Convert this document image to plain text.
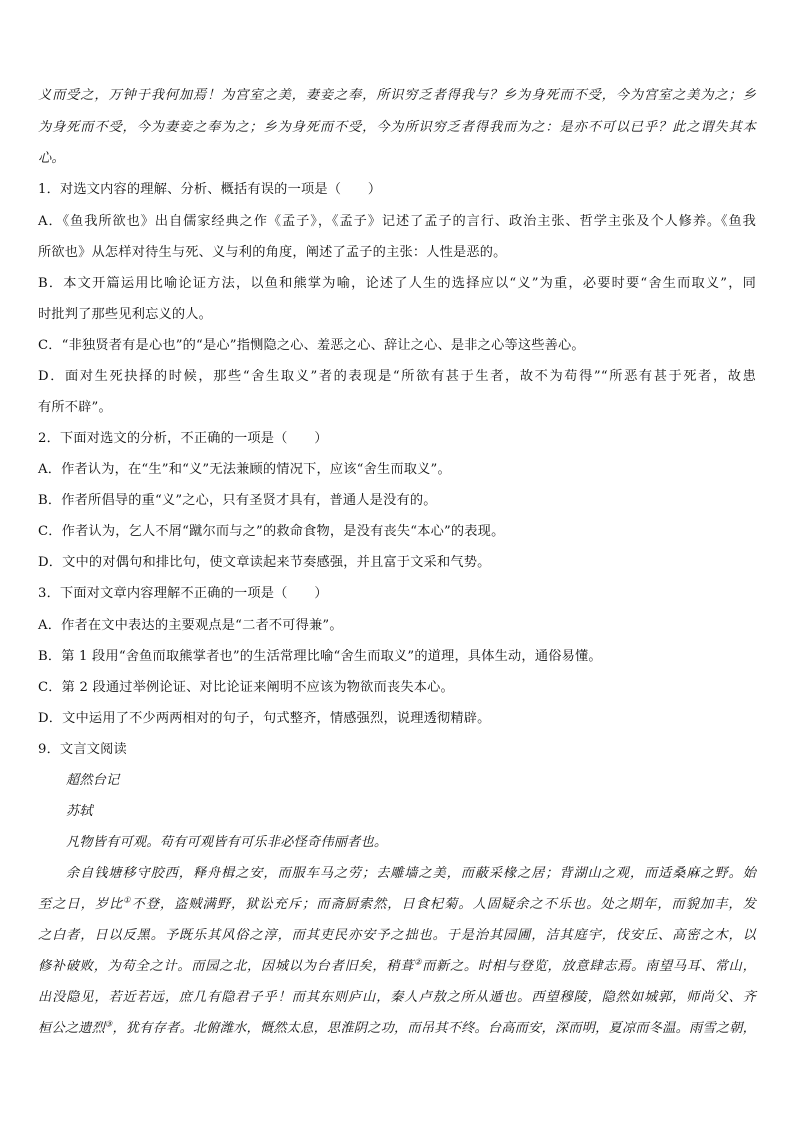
义而受之，万钟于我何加焉！为宫室之美，妻妾之奉，所识穷乏者得我与？乡为身死而不受，今为宫室之美为之；乡
为身死而不受，今为妻妾之奉为之；乡为身死而不受，今为所识穷乏者得我而为之：是亦不可以已乎？此之谓失其本
心。
1．对选文内容的理解、分析、概括有误的一项是（　　）
A．《鱼我所欲也》出自儒家经典之作《孟子》，《孟子》记述了孟子的言行、政治主张、哲学主张及个人修养。《鱼我
所欲也》从怎样对待生与死、义与利的角度，阐述了孟子的主张：人性是恶的。
B．本文开篇运用比喻论证方法，以鱼和熊掌为喻，论述了人生的选择应以“义”为重，必要时要“舍生而取义”，同
时批判了那些见利忘义的人。
C．“非独贤者有是心也”的“是心”指恻隐之心、羞恶之心、辞让之心、是非之心等这些善心。
D．面对生死抉择的时候，那些“舍生取义”者的表现是“所欲有甚于生者，故不为苟得”“所恶有甚于死者，故患
有所不辟”。
2．下面对选文的分析，不正确的一项是（　　）
A．作者认为，在“生”和“义”无法兼顾的情况下，应该“舍生而取义”。
B．作者所倡导的重“义”之心，只有圣贤才具有，普通人是没有的。
C．作者认为，乞人不屑“蹴尔而与之”的救命食物，是没有丧失“本心”的表现。
D．文中的对偶句和排比句，使文章读起来节奏感强，并且富于文采和气势。
3．下面对文章内容理解不正确的一项是（　　）
A．作者在文中表达的主要观点是“二者不可得兼”。
B．第 1 段用“舍鱼而取熊掌者也”的生活常理比喻“舍生而取义”的道理，具体生动，通俗易懂。
C．第 2 段通过举例论证、对比论证来阐明不应该为物欲而丧失本心。
D．文中运用了不少两两相对的句子，句式整齐，情感强烈，说理透彻精辟。
9．文言文阅读
超然台记
苏轼
凡物皆有可观。苟有可观皆有可乐非必怪奇伟丽者也。
余自钱塘移守胶西，释舟楫之安，而服车马之劳；去雕墙之美，而蔽采椽之居；背湖山之观，而适桑麻之野。始
至之日，岁比①不登，盗贼满野，狱讼充斥；而斋厨索然，日食杞菊。人固疑余之不乐也。处之期年，而貌加丰，发
之白者，日以反黑。予既乐其风俗之淳，而其吏民亦安予之拙也。于是治其园圃，洁其庭宇，伐安丘、高密之木，以
修补破败，为苟全之计。而园之北，因城以为台者旧矣，稍葺②而新之。时相与登览，放意肆志焉。南望马耳、常山，
出没隐见，若近若远，庶几有隐君子乎！而其东则庐山，秦人卢敖之所从遁也。西望穆陵，隐然如城郭，师尚父、齐
桓公之遗烈③，犹有存者。北俯潍水，慨然太息，思淮阴之功，而吊其不终。台高而安，深而明，夏凉而冬温。雨雪之朝，
